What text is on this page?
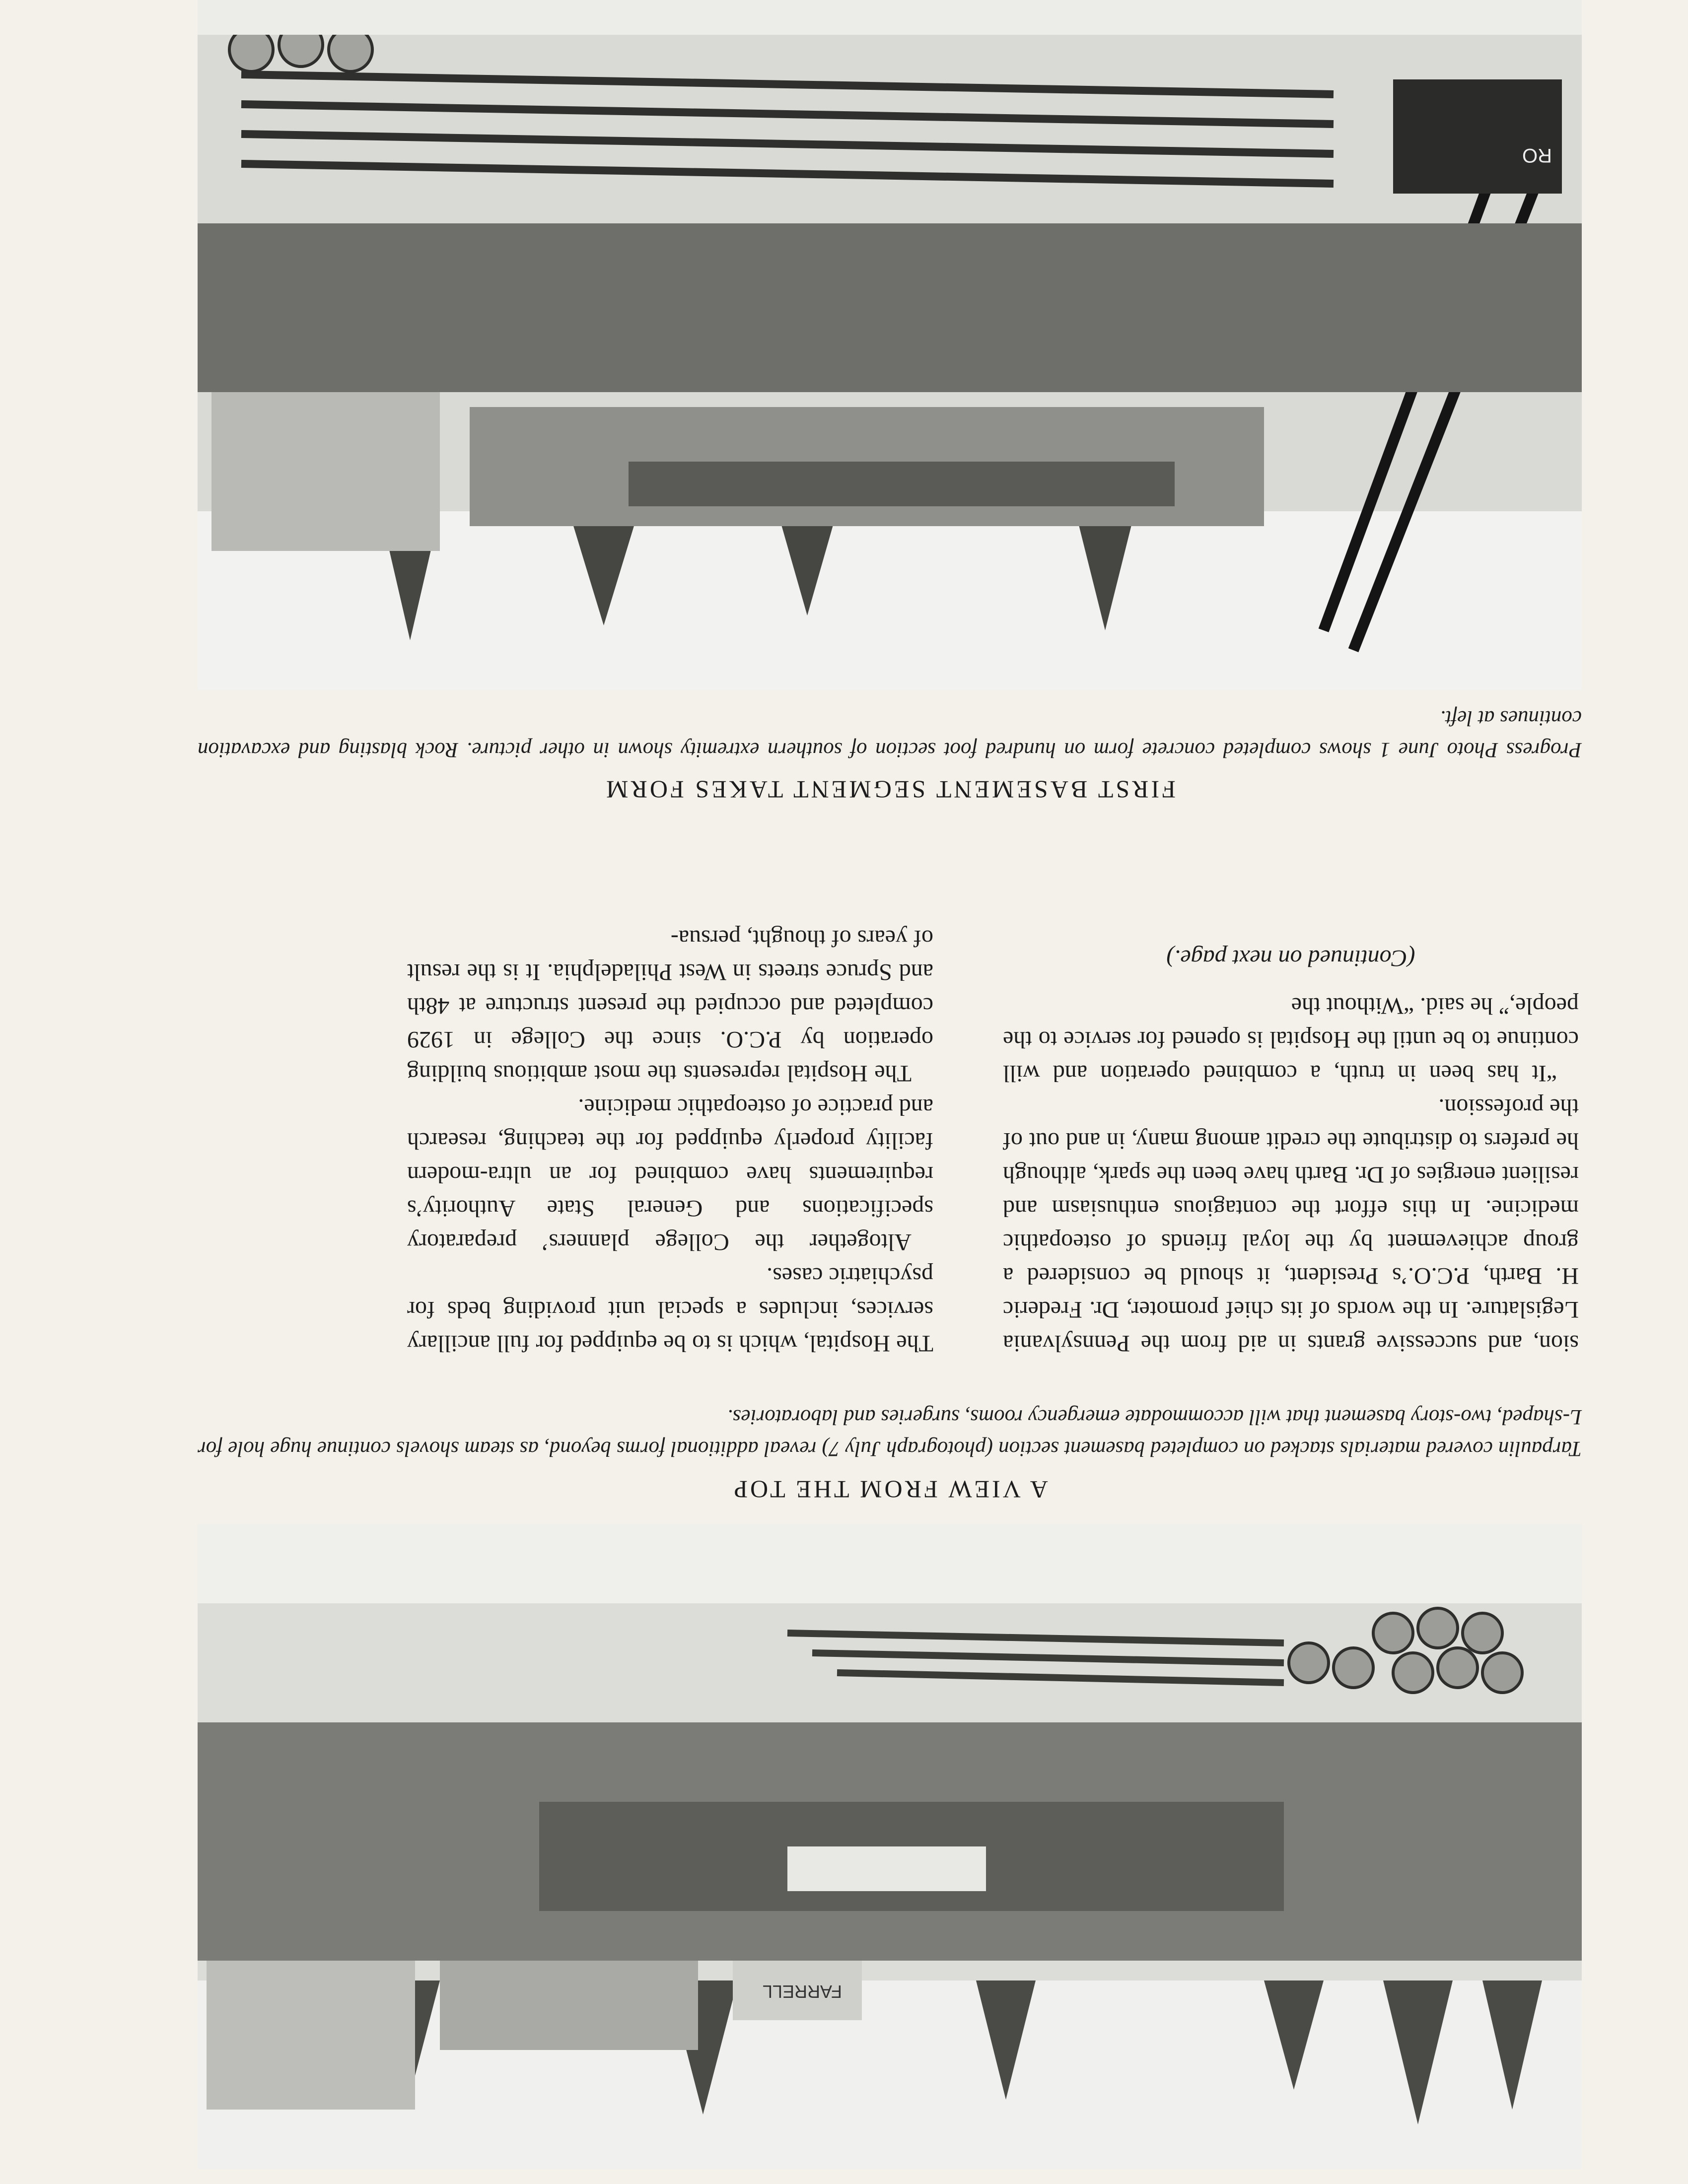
FARRELL
A VIEW FROM THE TOP
Tarpaulin covered materials stacked on completed basement section (photograph July 7) reveal additional forms beyond, as steam shovels continue huge hole for L-shaped, two-story basement that will accommodate emergency rooms, surgeries and laboratories.

The Hospital, which is to be equipped for full ancillary services, includes a special unit providing beds for psychiatric cases.

Altogether the College planners’ preparatory specifications and General State Authority’s requirements have combined for an ultra-modern facility properly equipped for the teaching, research and practice of osteopathic medicine.

The Hospital represents the most ambitious building operation by P.C.O. since the College in 1929 completed and occupied the present structure at 48th and Spruce streets in West Philadelphia. It is the result of years of thought, persua-

sion, and successive grants in aid from the Pennsylvania Legislature. In the words of its chief promoter, Dr. Frederic H. Barth, P.C.O.’s President, it should be considered a group achievement by the loyal friends of osteopathic medicine. In this effort the contagious enthusiasm and resilient energies of Dr. Barth have been the spark, although he prefers to distribute the credit among many, in and out of the profession.

“It has been in truth, a combined operation and will continue to be until the Hospital is opened for service to the people,” he said. “Without the

(Continued on next page.)
FIRST BASEMENT SEGMENT TAKES FORM
Progress Photo June 1 shows completed concrete form on hundred foot section of southern extremity shown in other picture. Rock blasting and excavation continues at left.
RO
